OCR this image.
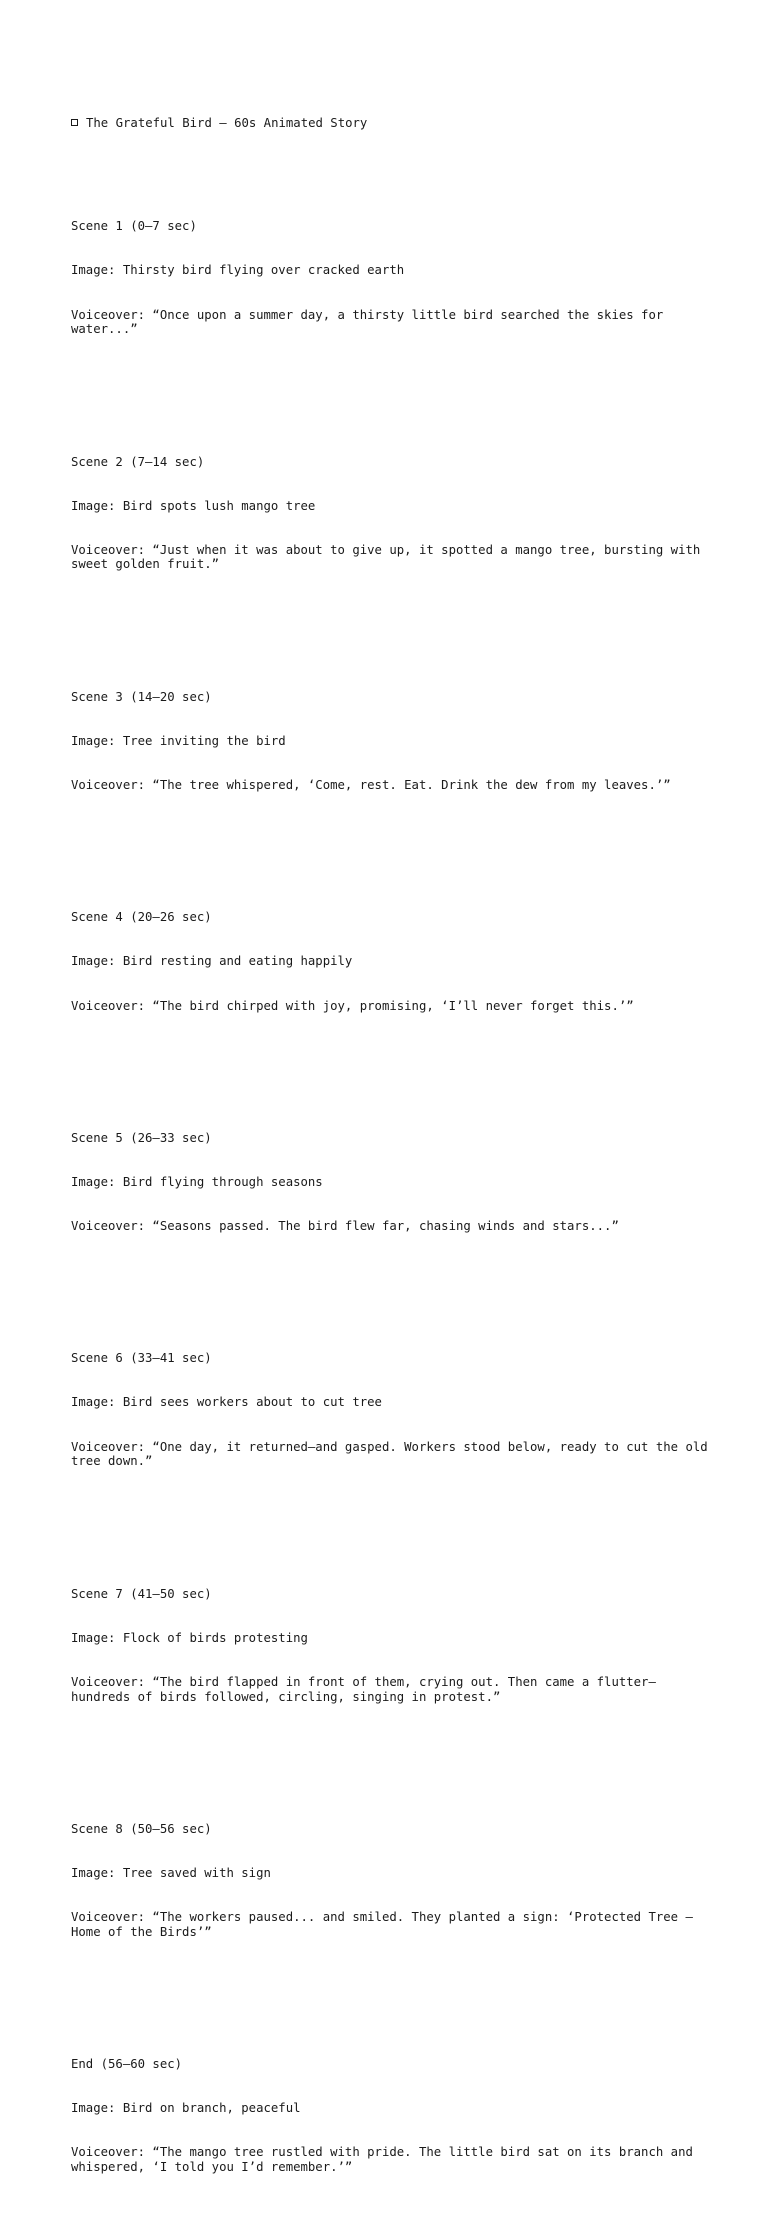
The Grateful Bird – 60s Animated Story

Scene 1 (0–7 sec)

Image: Thirsty bird flying over cracked earth

Voiceover: “Once upon a summer day, a thirsty little bird searched the skies for water...”

Scene 2 (7–14 sec)

Image: Bird spots lush mango tree

Voiceover: “Just when it was about to give up, it spotted a mango tree, bursting with sweet golden fruit.”

Scene 3 (14–20 sec)

Image: Tree inviting the bird

Voiceover: “The tree whispered, ‘Come, rest. Eat. Drink the dew from my leaves.’”

Scene 4 (20–26 sec)

Image: Bird resting and eating happily

Voiceover: “The bird chirped with joy, promising, ‘I’ll never forget this.’”

Scene 5 (26–33 sec)

Image: Bird flying through seasons

Voiceover: “Seasons passed. The bird flew far, chasing winds and stars...”

Scene 6 (33–41 sec)

Image: Bird sees workers about to cut tree

Voiceover: “One day, it returned—and gasped. Workers stood below, ready to cut the old tree down.”

Scene 7 (41–50 sec)

Image: Flock of birds protesting

Voiceover: “The bird flapped in front of them, crying out. Then came a flutter—hundreds of birds followed, circling, singing in protest.”

Scene 8 (50–56 sec)

Image: Tree saved with sign

Voiceover: “The workers paused... and smiled. They planted a sign: ‘Protected Tree – Home of the Birds’”

End (56–60 sec)

Image: Bird on branch, peaceful

Voiceover: “The mango tree rustled with pride. The little bird sat on its branch and whispered, ‘I told you I’d remember.’”
